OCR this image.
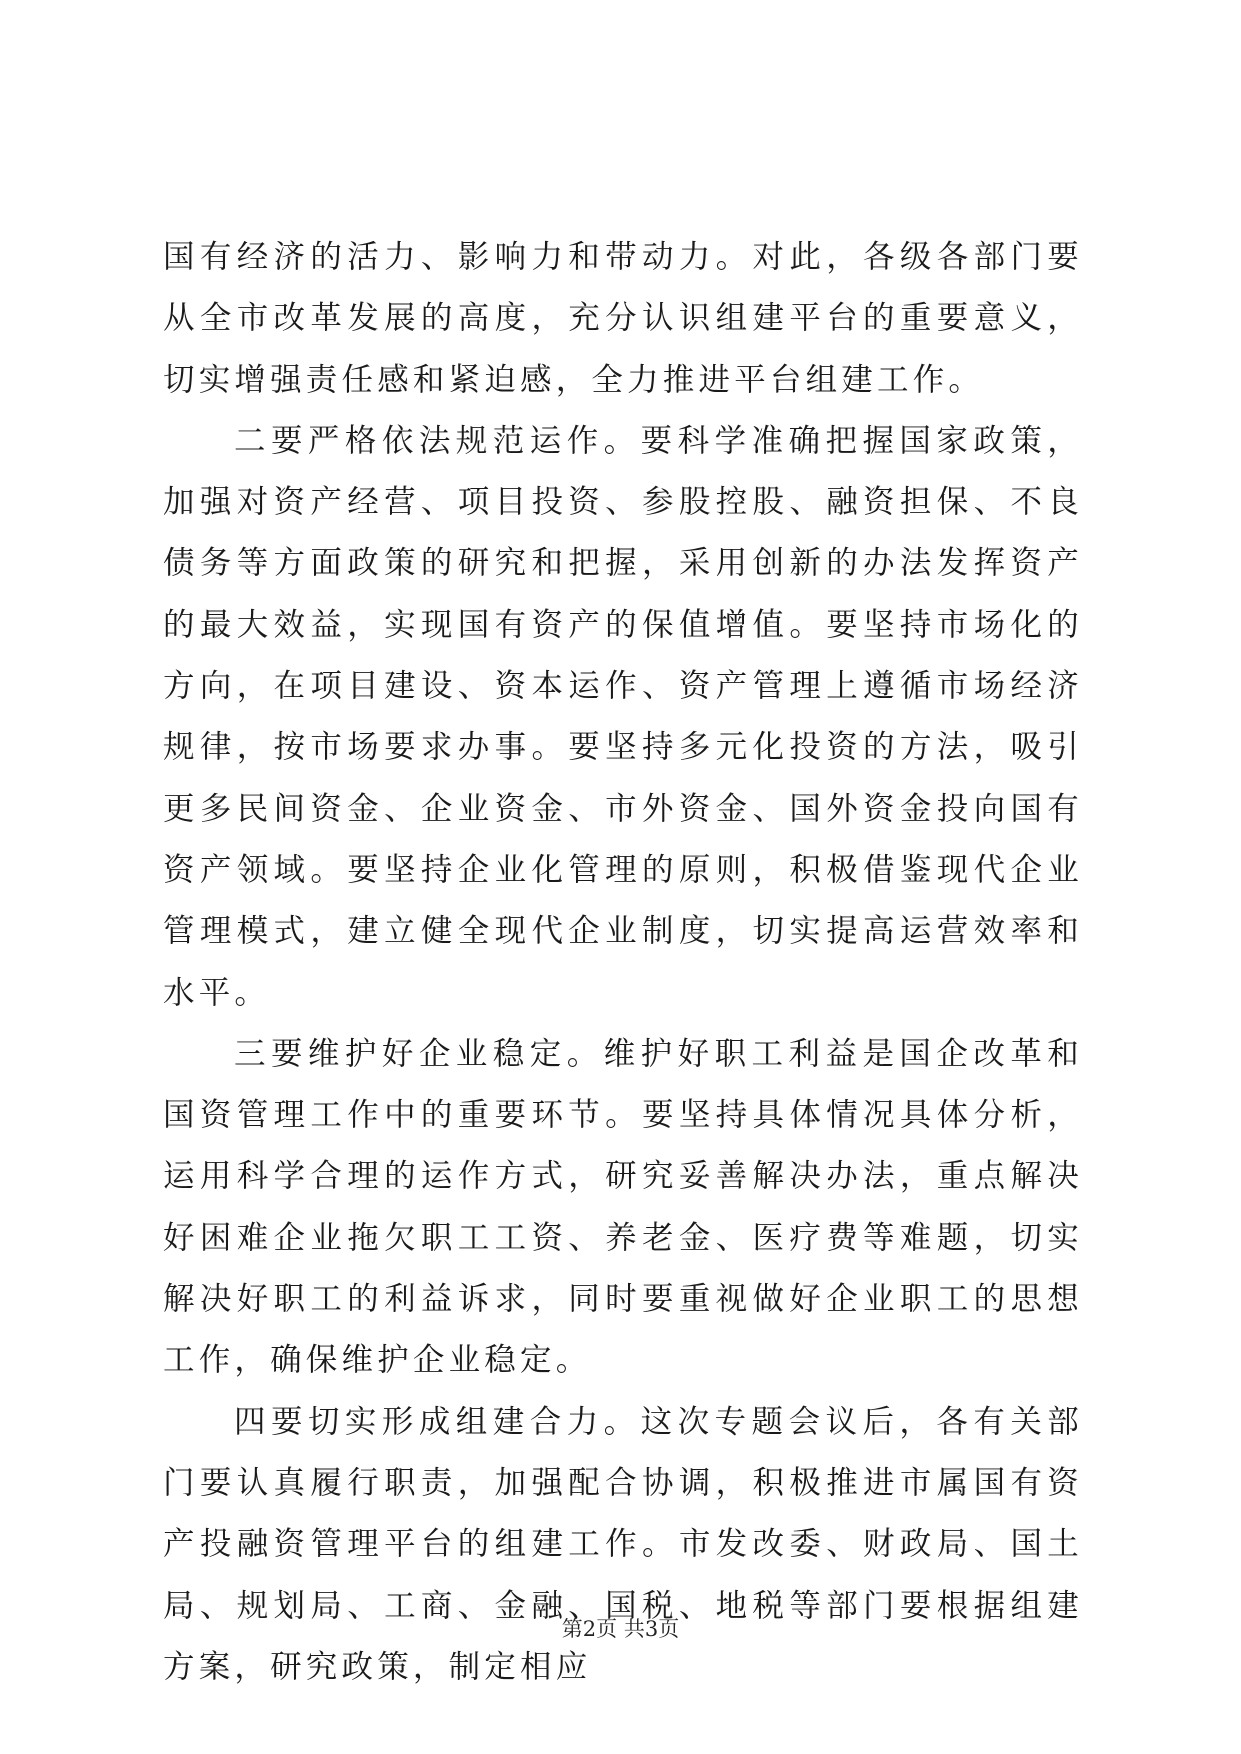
国有经济的活力、影响力和带动力。对此，各级各部门要从全市改革发展的高度，充分认识组建平台的重要意义，切实增强责任感和紧迫感，全力推进平台组建工作。

二要严格依法规范运作。要科学准确把握国家政策，加强对资产经营、项目投资、参股控股、融资担保、不良债务等方面政策的研究和把握，采用创新的办法发挥资产的最大效益，实现国有资产的保值增值。要坚持市场化的方向，在项目建设、资本运作、资产管理上遵循市场经济规律，按市场要求办事。要坚持多元化投资的方法，吸引更多民间资金、企业资金、市外资金、国外资金投向国有资产领域。要坚持企业化管理的原则，积极借鉴现代企业管理模式，建立健全现代企业制度，切实提高运营效率和水平。

三要维护好企业稳定。维护好职工利益是国企改革和国资管理工作中的重要环节。要坚持具体情况具体分析，运用科学合理的运作方式，研究妥善解决办法，重点解决好困难企业拖欠职工工资、养老金、医疗费等难题，切实解决好职工的利益诉求，同时要重视做好企业职工的思想工作，确保维护企业稳定。

四要切实形成组建合力。这次专题会议后，各有关部门要认真履行职责，加强配合协调，积极推进市属国有资产投融资管理平台的组建工作。市发改委、财政局、国土局、规划局、工商、金融、国税、地税等部门要根据组建方案，研究政策，制定相应

第2页 共3页
